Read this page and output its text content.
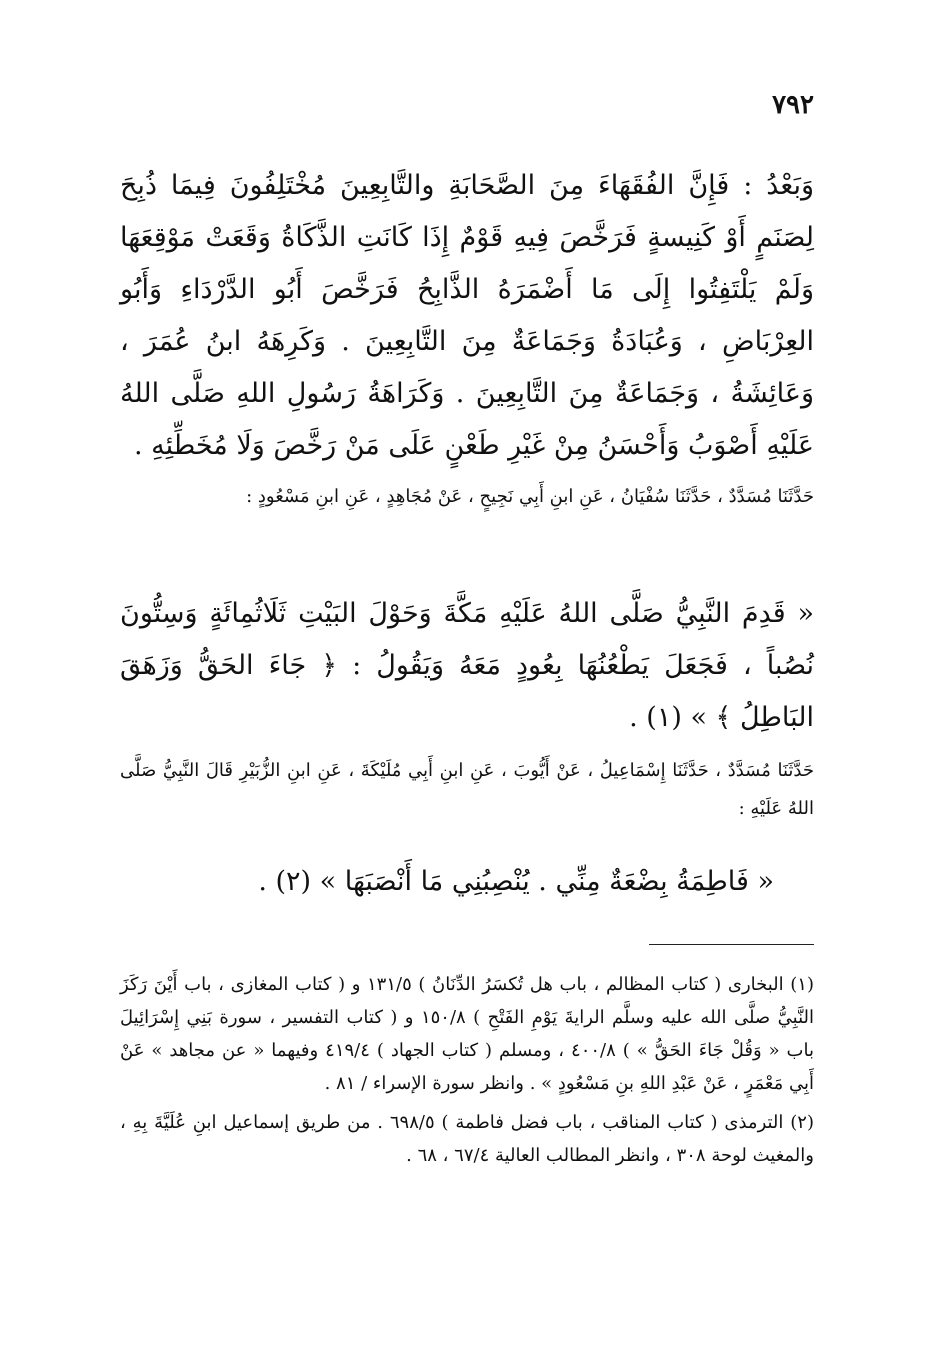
٧٩٢

وَبَعْدُ : فَإِنَّ الفُقَهَاءَ مِنَ الصَّحَابَةِ والتَّابِعِينَ مُخْتَلِفُونَ فِيمَا ذُبِحَ لِصَنَمٍ أَوْ كَنِيسةٍ فَرَخَّصَ فِيهِ قَوْمٌ إِذَا كَانَتِ الذَّكَاةُ وَقَعَتْ مَوْقِعَهَا وَلَمْ يَلْتَفِتُوا إِلَى مَا أَضْمَرَهُ الذَّابِحُ فَرَخَّصَ أَبُو الدَّرْدَاءِ وَأَبُو العِرْبَاضِ ، وَعُبَادَةُ وَجَمَاعَةٌ مِنَ التَّابِعِينَ . وَكَرِهَهُ ابنُ عُمَرَ ، وَعَائِشَةُ ، وَجَمَاعَةٌ مِنَ التَّابِعِينَ . وَكَرَاهَةُ رَسُولِ اللهِ صَلَّى اللهُ عَلَيْهِ أَصْوَبُ وَأَحْسَنُ مِنْ غَيْرِ طَعْنٍ عَلَى مَنْ رَخَّصَ وَلَا مُخَطِّئِهِ .

حَدَّثَنَا مُسَدَّدٌ ، حَدَّثَنَا سُفْيَانُ ، عَنِ ابنِ أَبِي نَجِيحٍ ، عَنْ مُجَاهِدٍ ، عَنِ ابنِ مَسْعُودٍ :

« قَدِمَ النَّبِيُّ صَلَّى اللهُ عَلَيْهِ مَكَّةَ وَحَوْلَ البَيْتِ ثَلَاثُمِائَةٍ وَسِتُّونَ نُصُباً ، فَجَعَلَ يَطْعُنُهَا بِعُودٍ مَعَهُ وَيَقُولُ : ﴿ جَاءَ الحَقُّ وَزَهَقَ البَاطِلُ ﴾ » (١) .

حَدَّثَنَا مُسَدَّدٌ ، حَدَّثَنَا إِسْمَاعِيلُ ، عَنْ أَيُّوبَ ، عَنِ ابنِ أَبِي مُلَيْكَةَ ، عَنِ ابنِ الزُّبَيْرِ قَالَ النَّبِيُّ صَلَّى اللهُ عَلَيْهِ :

« فَاطِمَةُ بِضْعَةٌ مِنِّي . يُنْصِبُنِي مَا أَنْصَبَهَا » (٢) .

(١) البخارى ( كتاب المظالم ، باب هل تُكسَرُ الدِّنَانُ ) ١٣١/٥ و ( كتاب المغازى ، باب أَيْنَ رَكَزَ النَّبِيُّ صلَّى الله عليه وسلَّم الرايةَ يَوْمِ الفَتْحِ ) ١٥٠/٨ و ( كتاب التفسير ، سورة بَنِي إِسْرَائِيلَ باب « وَقُلْ جَاءَ الحَقُّ » ) ٤٠٠/٨ ، ومسلم ( كتاب الجهاد ) ٤١٩/٤ وفيهما « عن مجاهد » عَنْ أَبِي مَعْمَرٍ ، عَنْ عَبْدِ اللهِ بنِ مَسْعُودٍ » . وانظر سورة الإسراء / ٨١ .

(٢) الترمذى ( كتاب المناقب ، باب فضل فاطمة ) ٦٩٨/٥ . من طريق إسماعيل ابنِ عُلَيَّةَ بِهِ ، والمغيث لوحة ٣٠٨ ، وانظر المطالب العالية ٦٧/٤ ، ٦٨ .
